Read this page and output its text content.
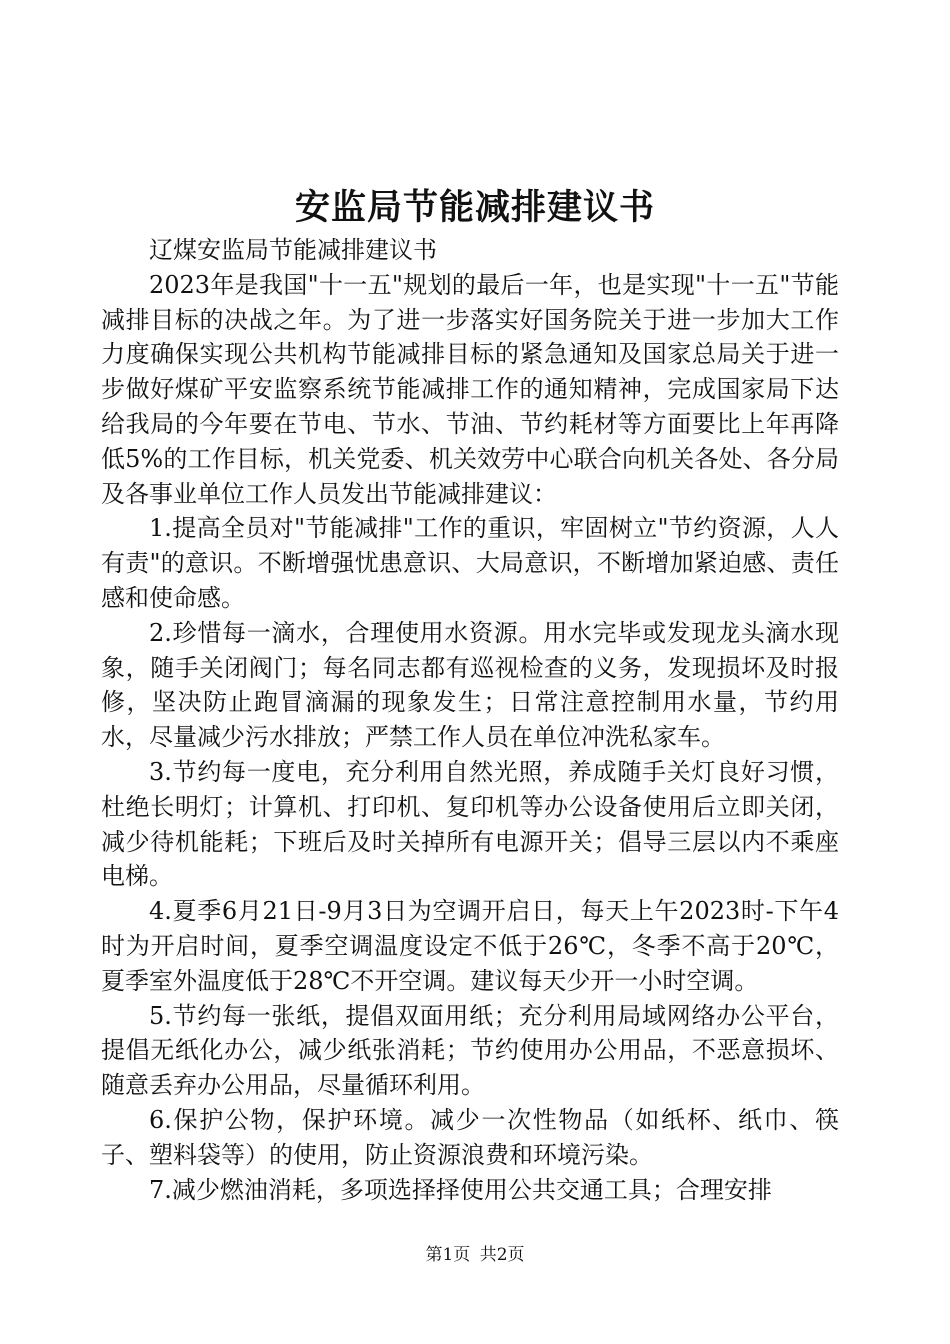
安监局节能减排建议书

辽煤安监局节能减排建议书

2023年是我国"十一五"规划的最后一年，也是实现"十一五"节能减排目标的决战之年。为了进一步落实好国务院关于进一步加大工作力度确保实现公共机构节能减排目标的紧急通知及国家总局关于进一步做好煤矿平安监察系统节能减排工作的通知精神，完成国家局下达给我局的今年要在节电、节水、节油、节约耗材等方面要比上年再降低5%的工作目标，机关党委、机关效劳中心联合向机关各处、各分局及各事业单位工作人员发出节能减排建议：

1.提高全员对"节能减排"工作的重识，牢固树立"节约资源，人人有责"的意识。不断增强忧患意识、大局意识，不断增加紧迫感、责任感和使命感。

2.珍惜每一滴水，合理使用水资源。用水完毕或发现龙头滴水现象，随手关闭阀门；每名同志都有巡视检查的义务，发现损坏及时报修，坚决防止跑冒滴漏的现象发生；日常注意控制用水量，节约用水，尽量减少污水排放；严禁工作人员在单位冲洗私家车。

3.节约每一度电，充分利用自然光照，养成随手关灯良好习惯，杜绝长明灯；计算机、打印机、复印机等办公设备使用后立即关闭，减少待机能耗；下班后及时关掉所有电源开关；倡导三层以内不乘座电梯。

4.夏季6月21日-9月3日为空调开启日，每天上午2023时-下午4时为开启时间，夏季空调温度设定不低于26℃，冬季不高于20℃，夏季室外温度低于28℃不开空调。建议每天少开一小时空调。

5.节约每一张纸，提倡双面用纸；充分利用局域网络办公平台，提倡无纸化办公，减少纸张消耗；节约使用办公用品，不恶意损坏、随意丢弃办公用品，尽量循环利用。

6.保护公物，保护环境。减少一次性物品（如纸杯、纸巾、筷子、塑料袋等）的使用，防止资源浪费和环境污染。

7.减少燃油消耗，多项选择择使用公共交通工具；合理安排

第1页 共2页
